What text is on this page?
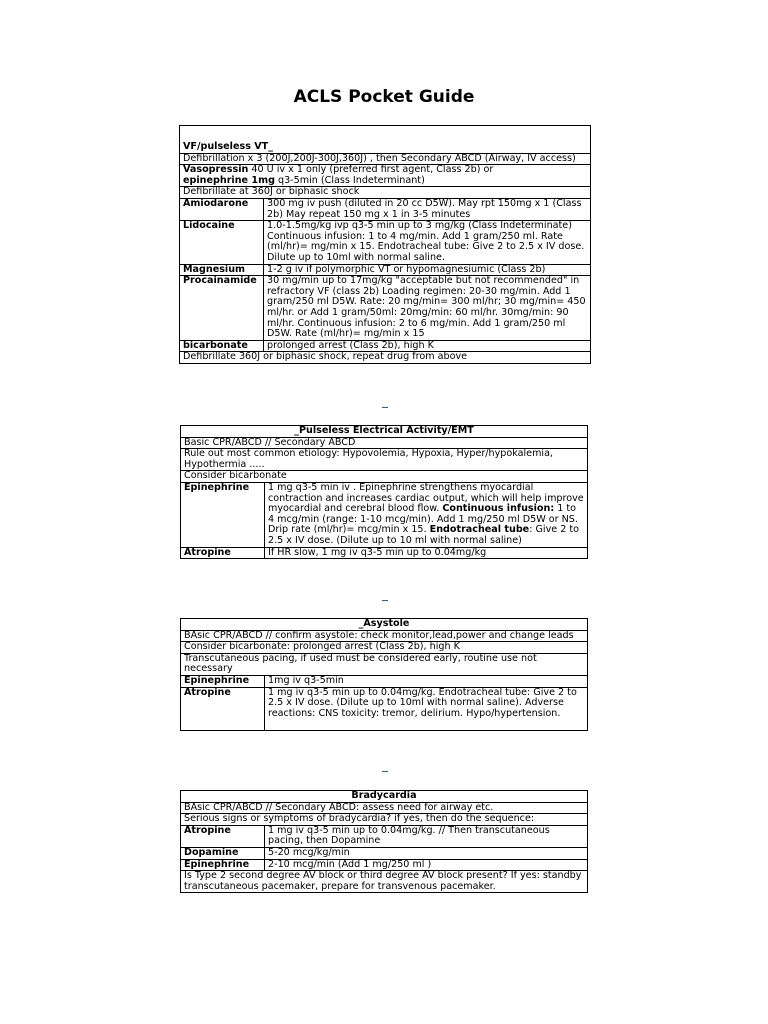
ACLS Pocket Guide
VF/pulseless VT_	
Defibrillation x 3 (200J,200J-300J,360J) , then Secondary ABCD (Airway, IV access)	
Vasopressin 40 U iv x 1 only (preferred first agent, Class 2b) or
epinephrine 1mg q3-5min (Class Indeterminant)	
Defibrillate at 360J or biphasic shock	
Amiodarone	300 mg iv push (diluted in 20 cc D5W). May rpt 150mg x 1 (Class 2b) May repeat 150 mg x 1 in 3-5 minutes
Lidocaine	1.0-1.5mg/kg ivp q3-5 min up to 3 mg/kg (Class Indeterminate) Continuous infusion: 1 to 4 mg/min. Add 1 gram/250 ml. Rate (ml/hr)= mg/min x 15. Endotracheal tube: Give 2 to 2.5 x IV dose. Dilute up to 10ml with normal saline.
Magnesium	1-2 g iv if polymorphic VT or hypomagnesiumic (Class 2b)
Procainamide	30 mg/min up to 17mg/kg "acceptable but not recommended" in refractory VF (class 2b) Loading regimen: 20-30 mg/min. Add 1 gram/250 ml D5W. Rate: 20 mg/min= 300 ml/hr; 30 mg/min= 450 ml/hr. or Add 1 gram/50ml: 20mg/min: 60 ml/hr. 30mg/min: 90 ml/hr. Continuous infusion: 2 to 6 mg/min. Add 1 gram/250 ml D5W. Rate (ml/hr)= mg/min x 15
bicarbonate	prolonged arrest (Class 2b), high K
Defibrillate 360J or biphasic shock, repeat drug from above	
_Pulseless Electrical Activity/EMT	
Basic CPR/ABCD // Secondary ABCD	
Rule out most common etiology: Hypovolemia, Hypoxia, Hyper/hypokalemia, Hypothermia .....	
Consider bicarbonate	
Epinephrine	1 mg q3-5 min iv . Epinephrine strengthens myocardial contraction and increases cardiac output, which will help improve myocardial and cerebral blood flow. Continuous infusion: 1 to 4 mcg/min (range: 1-10 mcg/min). Add 1 mg/250 ml D5W or NS. Drip rate (ml/hr)= mcg/min x 15. Endotracheal tube: Give 2 to 2.5 x IV dose. (Dilute up to 10 ml with normal saline)
Atropine	If HR slow, 1 mg iv q3-5 min up to 0.04mg/kg
_Asystole	
BAsic CPR/ABCD // confirm asystole: check monitor,lead,power and change leads	
Consider bicarbonate: prolonged arrest (Class 2b), high K	
Transcutaneous pacing, if used must be considered early, routine use not necessary	
Epinephrine	1mg iv q3-5min
Atropine	1 mg iv q3-5 min up to 0.04mg/kg. Endotracheal tube: Give 2 to 2.5 x IV dose. (Dilute up to 10ml with normal saline). Adverse reactions: CNS toxicity: tremor, delirium. Hypo/hypertension.
Bradycardia	
BAsic CPR/ABCD // Secondary ABCD: assess need for airway etc.	
Serious signs or symptoms of bradycardia? if yes, then do the sequence:	
Atropine	1 mg iv q3-5 min up to 0.04mg/kg. // Then transcutaneous pacing, then Dopamine
Dopamine	5-20 mcg/kg/min
Epinephrine	2-10 mcg/min (Add 1 mg/250 ml )
Is Type 2 second degree AV block or third degree AV block present? If yes: standby transcutaneous pacemaker, prepare for transvenous pacemaker.	
